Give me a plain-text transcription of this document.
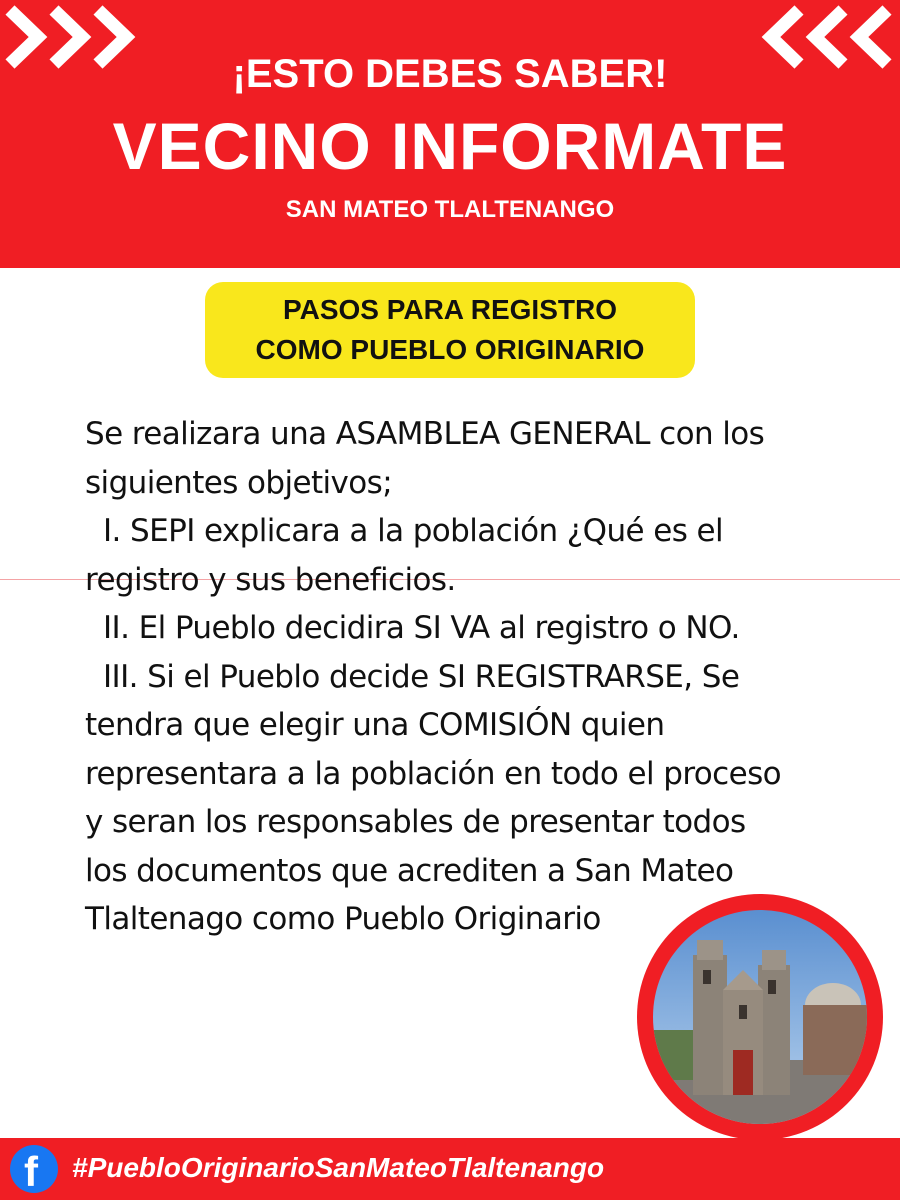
¡ESTO DEBES SABER!
VECINO INFORMATE
SAN MATEO TLALTENANGO
PASOS PARA REGISTRO
COMO PUEBLO ORIGINARIO

Se realizara una ASAMBLEA GENERAL con los

siguientes objetivos;

I. SEPI explicara a la población ¿Qué es el

registro y sus beneficios.

II. El Pueblo decidira SI VA al registro o NO.

III. Si el Pueblo decide SI REGISTRARSE, Se

tendra que elegir una COMISIÓN quien

representara a la población en todo el proceso

y seran los responsables de presentar todos

los documentos que acrediten a San Mateo

Tlaltenago como Pueblo Originario

f #PuebloOriginarioSanMateoTlaltenango
